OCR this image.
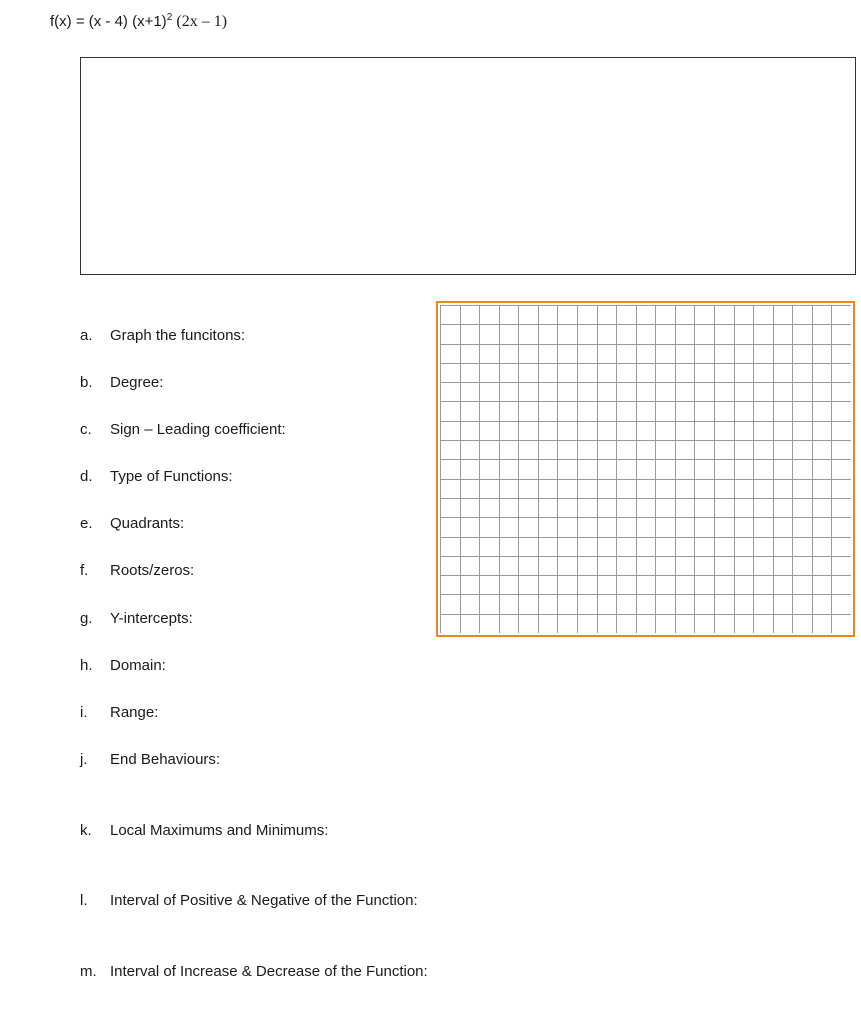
f(x) = (x - 4) $(x+1)^2$ (2x – 1)
a. Graph the funcitons:
b. Degree:
c. Sign – Leading coefficient:
d. Type of Functions:
e. Quadrants:
f. Roots/zeros:
g. Y-intercepts:
h. Domain:
i. Range:
j. End Behaviours:
k. Local Maximums and Minimums:
l. Interval of Positive & Negative of the Function:
m. Interval of Increase & Decrease of the Function:
